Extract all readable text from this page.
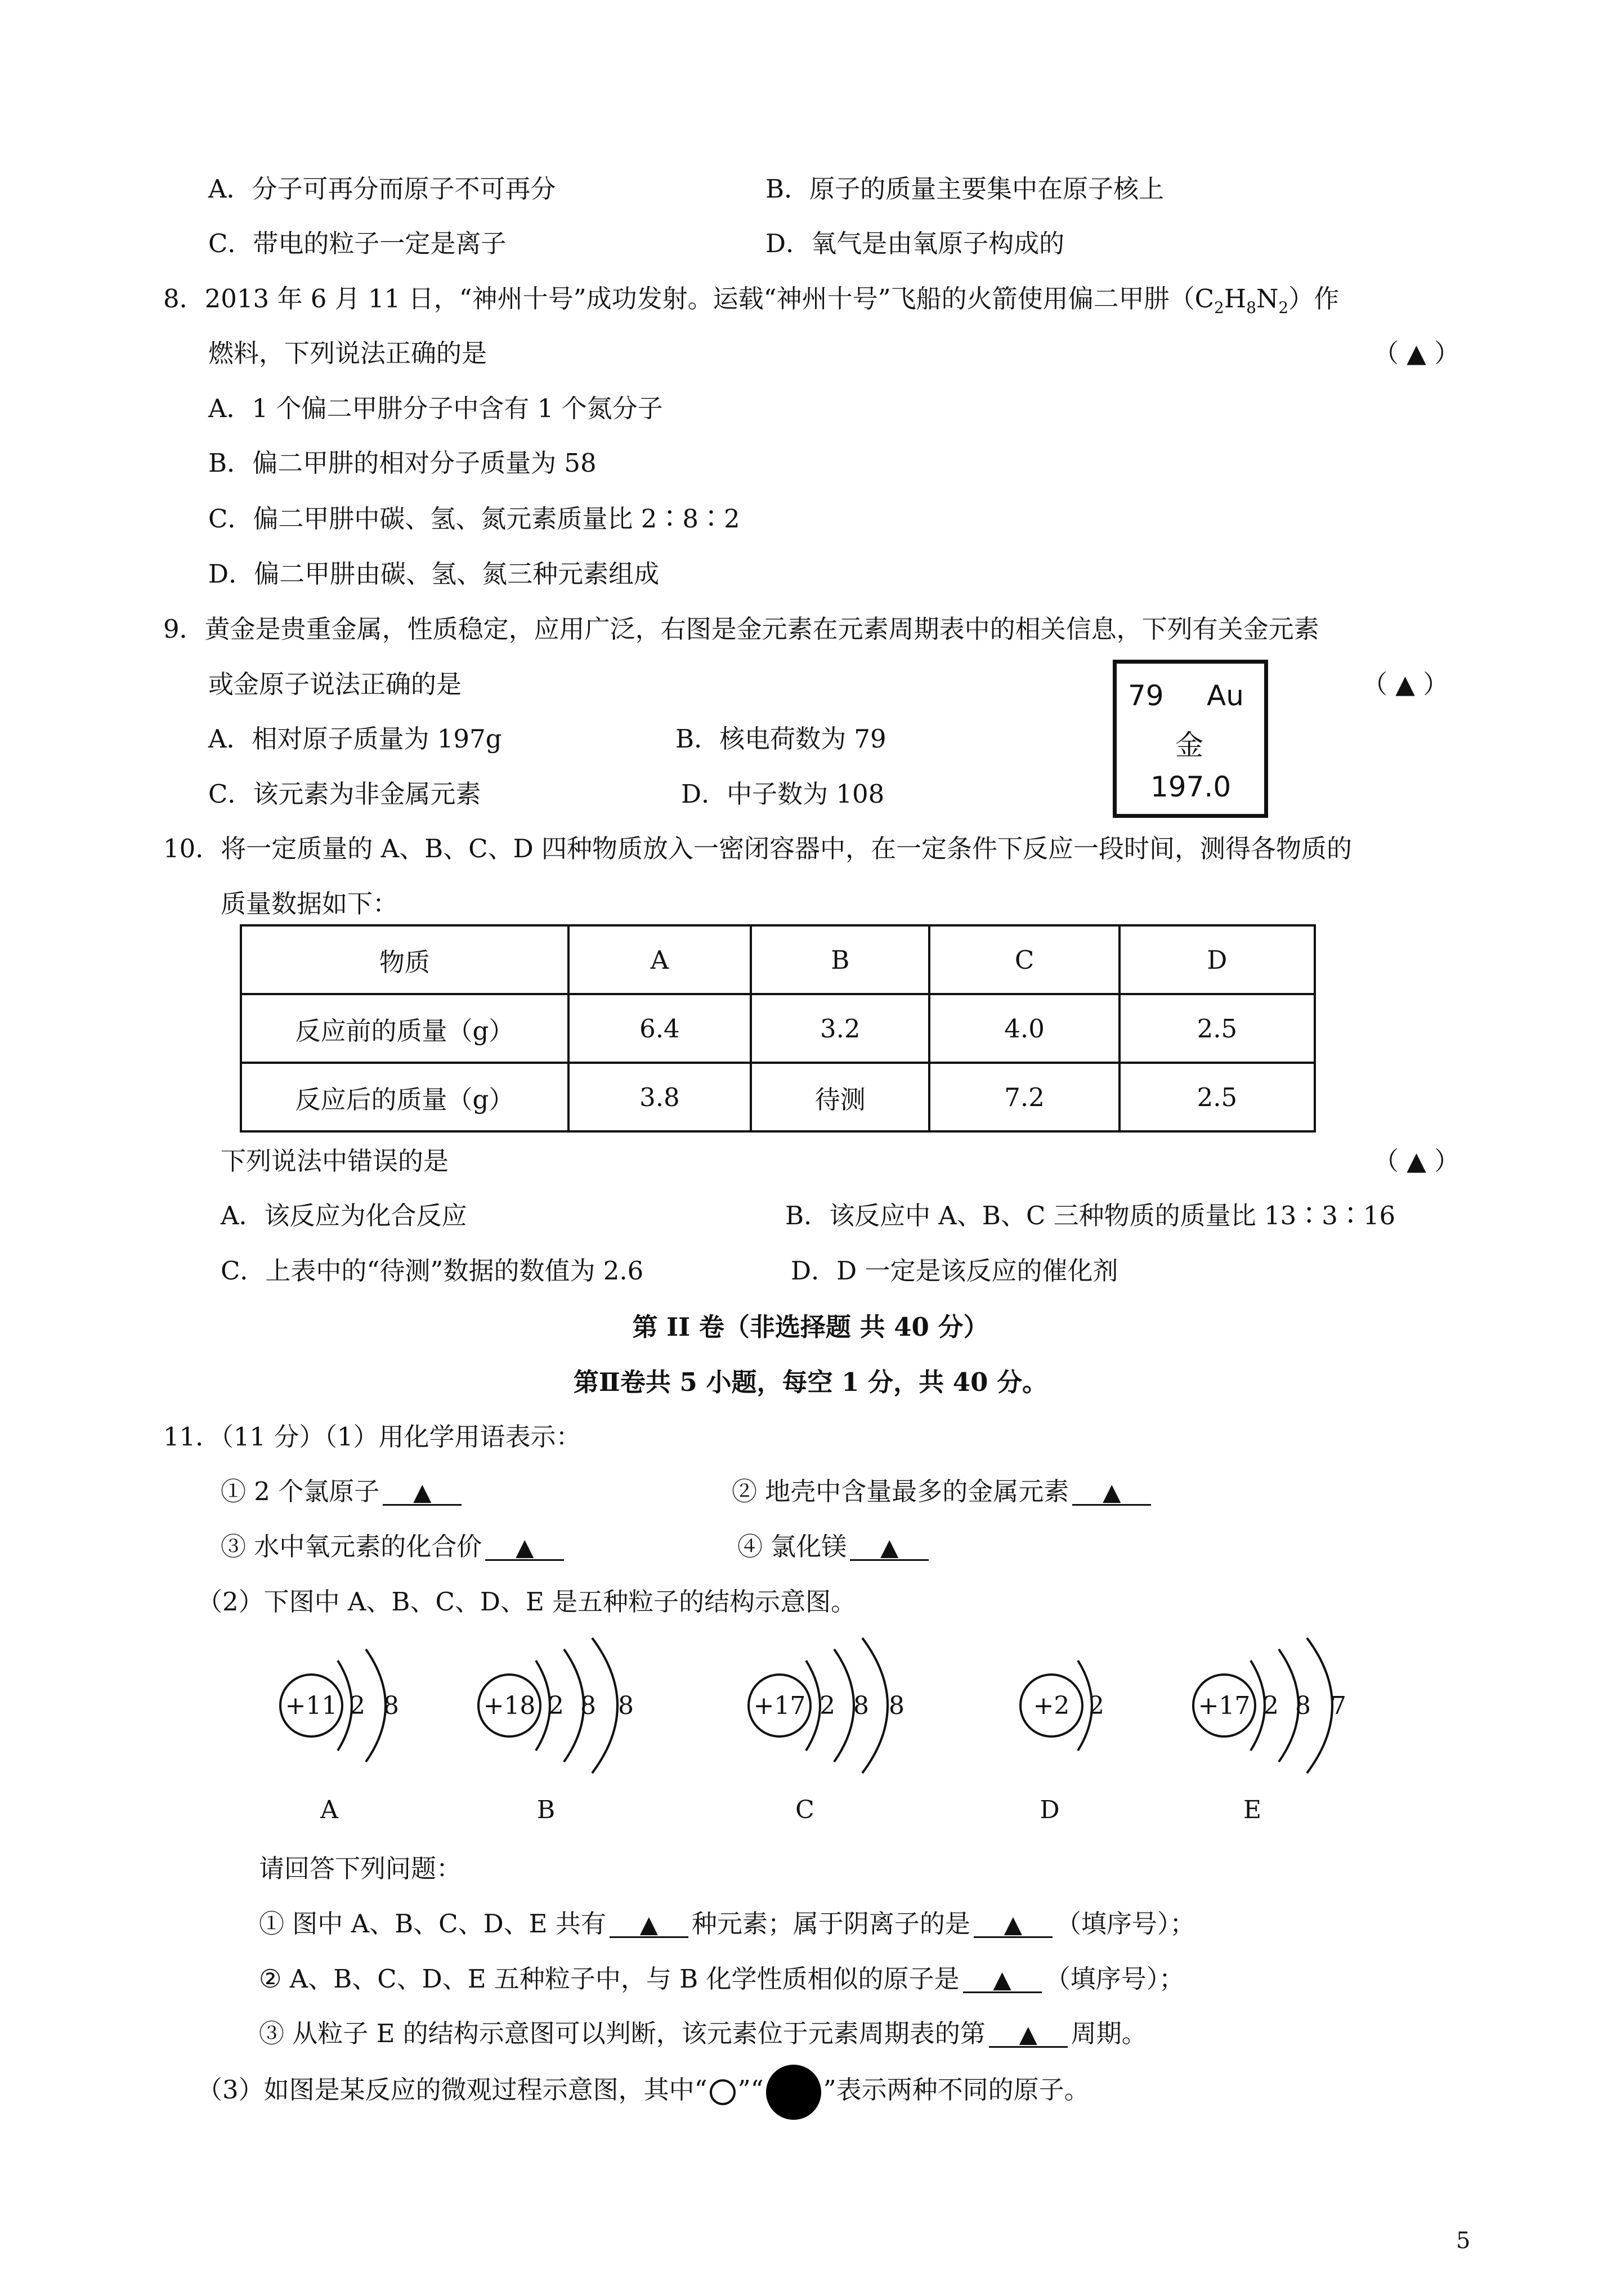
A．分子可再分而原子不可再分	B．原子的质量主要集中在原子核上
C．带电的粒子一定是离子	D．氧气是由氧原子构成的
8．2013 年 6 月 11 日，“神州十号”成功发射。运载“神州十号”飞船的火箭使用偏二甲肼$(C_2H_8N_2)$作
燃料，下列说法正确的是	（ ▲ ）
A．1 个偏二甲肼分子中含有 1 个氮分子
B．偏二甲肼的相对分子质量为 58
C．偏二甲肼中碳、氢、氮元素质量比 2∶8∶2
D．偏二甲肼由碳、氢、氮三种元素组成
9．黄金是贵重金属，性质稳定，应用广泛，右图是金元素在元素周期表中的相关信息，下列有关金元素
或金原子说法正确的是	（ ▲ ）
A．相对原子质量为 197g	B．核电荷数为 79
C．该元素为非金属元素	D．中子数为 108
79 Au
金
197.0
10．将一定质量的 A、B、C、D 四种物质放入一密闭容器中，在一定条件下反应一段时间，测得各物质的
质量数据如下：
物质	A	B	C	D
反应前的质量（g）	6.4	3.2	4.0	2.5
反应后的质量（g）	3.8	待测	7.2	2.5
下列说法中错误的是	（ ▲ ）
A．该反应为化合反应	B．该反应中 A、B、C 三种物质的质量比 13∶3∶16
C．上表中的“待测”数据的数值为 2.6	D．D 一定是该反应的催化剂
第 II 卷（非选择题 共 40 分）
第Ⅱ卷共 5 小题，每空 1 分，共 40 分。
11．（11 分）（1）用化学用语表示：
① 2 个氯原子 ▲	② 地壳中含量最多的金属元素 ▲
③ 水中氧元素的化合价 ▲	④ 氯化镁 ▲
（2）下图中 A、B、C、D、E 是五种粒子的结构示意图。
+11 2 8
A
+18 2 8 8
B
+17 2 8 8
C
+2 2
D
+17 2 8 7
E
请回答下列问题：
① 图中 A、B、C、D、E 共有 ▲ 种元素；属于阴离子的是 ▲ （填序号）；
② A、B、C、D、E 五种粒子中，与 B 化学性质相似的原子是 ▲ （填序号）；
③ 从粒子 E 的结构示意图可以判断，该元素位于元素周期表的第 ▲ 周期。
（3）如图是某反应的微观过程示意图，其中“ ”“ ”表示两种不同的原子。
5
